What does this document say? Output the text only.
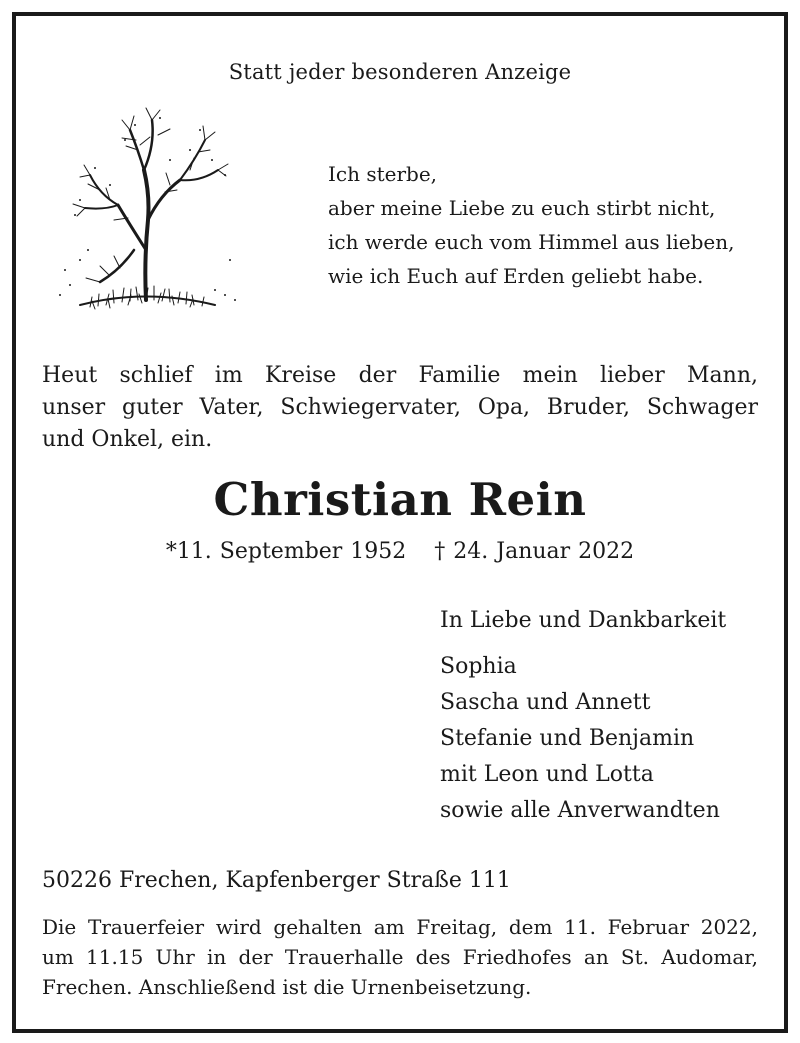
Statt jeder besonderen Anzeige
Ich sterbe,
aber meine Liebe zu euch stirbt nicht,
ich werde euch vom Himmel aus lieben,
wie ich Euch auf Erden geliebt habe.
Heut schlief im Kreise der Familie mein lieber Mann,
unser guter Vater, Schwiegervater, Opa, Bruder, Schwager
und Onkel, ein.
Christian Rein
*11. September 1952 † 24. Januar 2022
In Liebe und Dankbarkeit
Sophia
Sascha und Annett
Stefanie und Benjamin
mit Leon und Lotta
sowie alle Anverwandten
50226 Frechen, Kapfenberger Straße 111
Die Trauerfeier wird gehalten am Freitag, dem 11. Februar 2022,
um 11.15 Uhr in der Trauerhalle des Friedhofes an St. Audomar,
Frechen. Anschließend ist die Urnenbeisetzung.
